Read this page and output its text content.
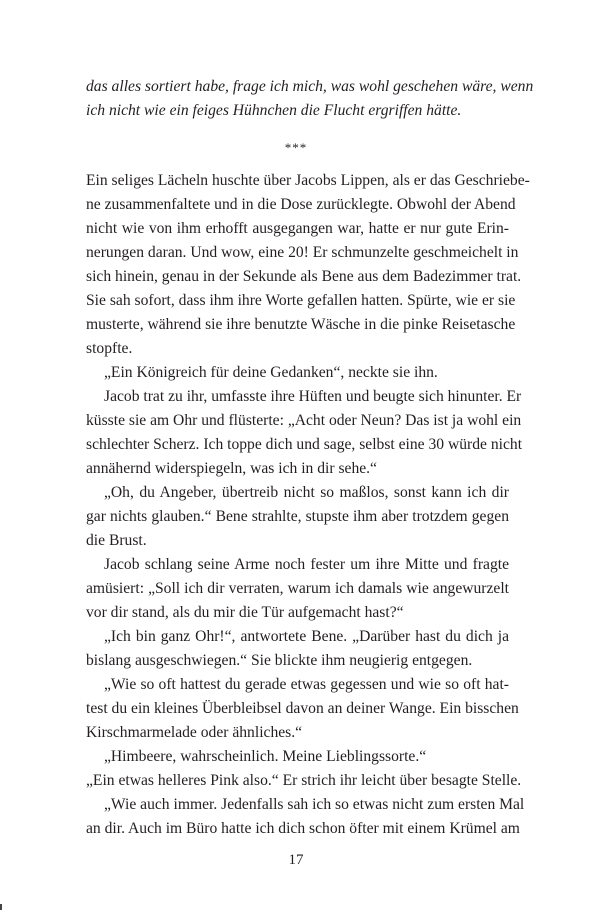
das alles sortiert habe, frage ich mich, was wohl geschehen wäre, wenn
ich nicht wie ein feiges Hühnchen die Flucht ergriffen hätte.
***
Ein seliges Lächeln huschte über Jacobs Lippen, als er das Geschriebe-
ne zusammenfaltete und in die Dose zurücklegte. Obwohl der Abend
nicht wie von ihm erhofft ausgegangen war, hatte er nur gute Erin-
nerungen daran. Und wow, eine 20! Er schmunzelte geschmeichelt in
sich hinein, genau in der Sekunde als Bene aus dem Badezimmer trat.
Sie sah sofort, dass ihm ihre Worte gefallen hatten. Spürte, wie er sie
musterte, während sie ihre benutzte Wäsche in die pinke Reisetasche
stopfte.
„Ein Königreich für deine Gedanken“, neckte sie ihn.
Jacob trat zu ihr, umfasste ihre Hüften und beugte sich hinunter. Er
küsste sie am Ohr und flüsterte: „Acht oder Neun? Das ist ja wohl ein
schlechter Scherz. Ich toppe dich und sage, selbst eine 30 würde nicht
annähernd widerspiegeln, was ich in dir sehe.“
„Oh, du Angeber, übertreib nicht so maßlos, sonst kann ich dir
gar nichts glauben.“ Bene strahlte, stupste ihm aber trotzdem gegen
die Brust.
Jacob schlang seine Arme noch fester um ihre Mitte und fragte
amüsiert: „Soll ich dir verraten, warum ich damals wie angewurzelt
vor dir stand, als du mir die Tür aufgemacht hast?“
„Ich bin ganz Ohr!“, antwortete Bene. „Darüber hast du dich ja
bislang ausgeschwiegen.“ Sie blickte ihm neugierig entgegen.
„Wie so oft hattest du gerade etwas gegessen und wie so oft hat-
test du ein kleines Überbleibsel davon an deiner Wange. Ein bisschen
Kirschmarmelade oder ähnliches.“
„Himbeere, wahrscheinlich. Meine Lieblingssorte.“
„Ein etwas helleres Pink also.“ Er strich ihr leicht über besagte Stelle.
„Wie auch immer. Jedenfalls sah ich so etwas nicht zum ersten Mal
an dir. Auch im Büro hatte ich dich schon öfter mit einem Krümel am
17
